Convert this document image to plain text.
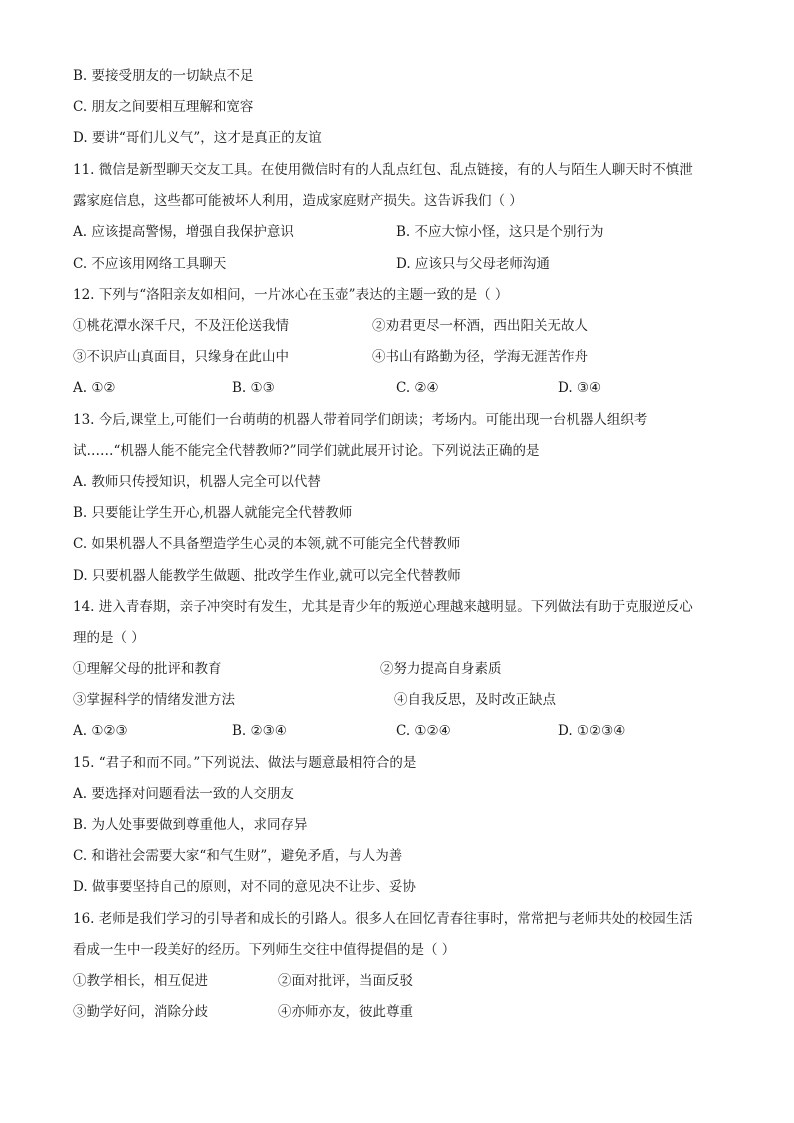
B. 要接受朋友的一切缺点不足
C. 朋友之间要相互理解和宽容
D. 要讲“哥们儿义气”，这才是真正的友谊
11. 微信是新型聊天交友工具。在使用微信时有的人乱点红包、乱点链接，有的人与陌生人聊天时不慎泄
露家庭信息，这些都可能被坏人利用，造成家庭财产损失。这告诉我们（ ）
A. 应该提高警惕，增强自我保护意识	B. 不应大惊小怪，这只是个别行为
C. 不应该用网络工具聊天	D. 应该只与父母老师沟通
12. 下列与“洛阳亲友如相问，一片冰心在玉壶”表达的主题一致的是（ ）
①桃花潭水深千尺，不及汪伦送我情	②劝君更尽一杯酒，西出阳关无故人
③不识庐山真面目，只缘身在此山中	④书山有路勤为径，学海无涯苦作舟
A. ①②	B. ①③	C. ②④	D. ③④
13. 今后,课堂上,可能们一台萌萌的机器人带着同学们朗读；考场内。可能出现一台机器人组织考
试……“机器人能不能完全代替教师?”同学们就此展开讨论。下列说法正确的是
A. 教师只传授知识，机器人完全可以代替
B. 只要能让学生开心,机器人就能完全代替教师
C. 如果机器人不具备塑造学生心灵的本领,就不可能完全代替教师
D. 只要机器人能教学生做题、批改学生作业,就可以完全代替教师
14. 进入青春期，亲子冲突时有发生，尤其是青少年的叛逆心理越来越明显。下列做法有助于克服逆反心
理的是（ ）
①理解父母的批评和教育	②努力提高自身素质
③掌握科学的情绪发泄方法	④自我反思，及时改正缺点
A. ①②③	B. ②③④	C. ①②④	D. ①②③④
15. “君子和而不同。”下列说法、做法与题意最相符合的是
A. 要选择对问题看法一致的人交朋友
B. 为人处事要做到尊重他人，求同存异
C. 和谐社会需要大家“和气生财”，避免矛盾，与人为善
D. 做事要坚持自己的原则，对不同的意见决不让步、妥协
16. 老师是我们学习的引导者和成长的引路人。很多人在回忆青春往事时，常常把与老师共处的校园生活
看成一生中一段美好的经历。下列师生交往中值得提倡的是（ ）
①教学相长，相互促进	②面对批评，当面反驳
③勤学好问，消除分歧	④亦师亦友，彼此尊重
